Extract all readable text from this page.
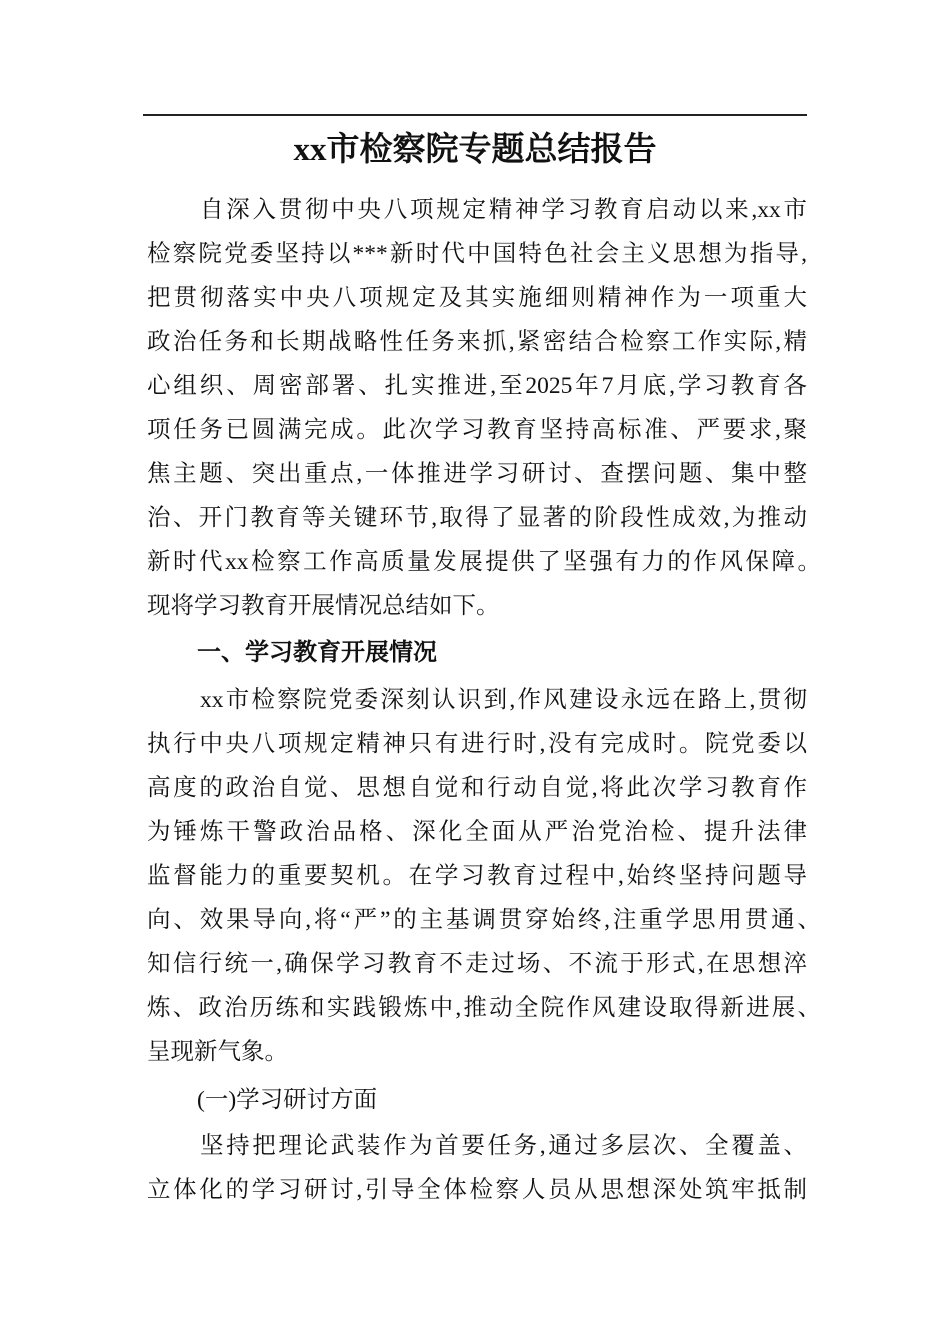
xx市检察院专题总结报告
自深入贯彻中央八项规定精神学习教育启动以来,xx市
检察院党委坚持以***新时代中国特色社会主义思想为指导,
把贯彻落实中央八项规定及其实施细则精神作为一项重大
政治任务和长期战略性任务来抓,紧密结合检察工作实际,精
心组织、周密部署、扎实推进,至2025年7月底,学习教育各
项任务已圆满完成。此次学习教育坚持高标准、严要求,聚
焦主题、突出重点,一体推进学习研讨、查摆问题、集中整
治、开门教育等关键环节,取得了显著的阶段性成效,为推动
新时代xx检察工作高质量发展提供了坚强有力的作风保障。
现将学习教育开展情况总结如下。
一、学习教育开展情况
xx市检察院党委深刻认识到,作风建设永远在路上,贯彻
执行中央八项规定精神只有进行时,没有完成时。院党委以
高度的政治自觉、思想自觉和行动自觉,将此次学习教育作
为锤炼干警政治品格、深化全面从严治党治检、提升法律
监督能力的重要契机。在学习教育过程中,始终坚持问题导
向、效果导向,将“严”的主基调贯穿始终,注重学思用贯通、
知信行统一,确保学习教育不走过场、不流于形式,在思想淬
炼、政治历练和实践锻炼中,推动全院作风建设取得新进展、
呈现新气象。
(一)学习研讨方面
坚持把理论武装作为首要任务,通过多层次、全覆盖、
立体化的学习研讨,引导全体检察人员从思想深处筑牢抵制
